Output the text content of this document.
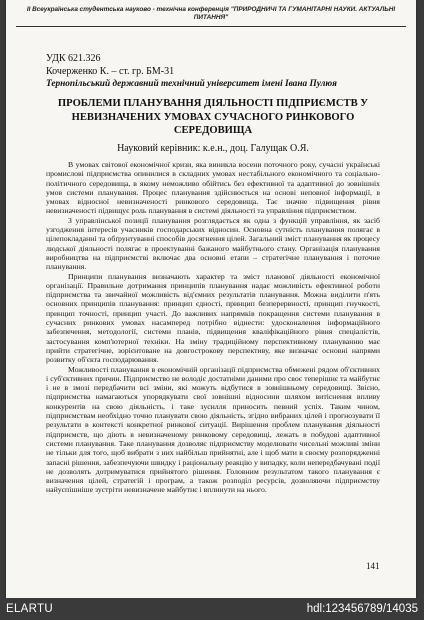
II Всеукраїнська студентська науково - технічна конференція "ПРИРОДНИЧІ ТА ГУМАНІТАРНІ НАУКИ. АКТУАЛЬНІ ПИТАННЯ"
УДК 621.326
Кочерженко К. – ст. гр. БМ-31
Тернопільський державний технічний університет імені Івана Пулюя
ПРОБЛЕМИ ПЛАНУВАННЯ ДІЯЛЬНОСТІ ПІДПРИЄМСТВ У НЕВИЗНАЧЕНИХ УМОВАХ СУЧАСНОГО РИНКОВОГО СЕРЕДОВИЩА
Науковий керівник: к.е.н., доц. Галущак О.Я.

В умовах світової економічної кризи, яка виникла восени поточного року, сучасні українські промислові підприємства опинилися в складних умовах нестабільного економічного та соціально-політичного середовища, в якому неможливо обійтись без ефективної та адаптивної до зовнішніх умов системи планування. Процес планування здійснюється на основі неповної інформації, в умовах відносної невизначеності ринкового середовища. Тає значне підвищення рівня невизначеності підвищує роль планування в системі діяльності та управління підприємством.

З управлінської позиції планування розглядається як одна з функцій управління, як засіб узгодження інтересів учасників господарських відносин. Основна сутність планування полягає в цілепокладанні та обґрунтуванні способів досягнення цілей. Загальний зміст планування як процесу людської діяльності полягає в проектуванні бажаного майбутнього стану. Організація планування виробництва на підприємстві включає два основні етапи – стратегічне планування і поточне планування.

Принципи планування визначають характер та зміст планової діяльності економічної організації. Правильне дотримання принципів планування надає можливість ефективної роботи підприємства та звичайної можливість від'ємних результатів планування. Можна виділити п'ять основних принципів планування: принцип єдності, принцип безперервності, принцип гнучкості, принцип точності, принцип участі. До важливих напрямків покращення системи планування в сучасних ринкових умовах насамперед потрібно віднести: удосконалення інформаційного забезпечення, методології, системи планів, підвищення кваліфікаційного рівня спеціалістів, застосування комп'ютерної техніки. На зміну традиційному перспективному плануванню має прийти стратегічне, зорієнтоване на довгострокову перспективу, яке визначає основні напрями розвитку об'єкта господарювання.

Можливості планування в економічній організації підприємства обмежені рядом об'єктивних і суб'єктивних причин. Підприємство не володіє достатніми даними про своє теперішнє та майбутнє і не в змозі передбачити всі зміни, які можуть відбутися в зовнішньому середовищі. Звісно, підприємства намагаються упорядкувати свої зовнішні відносини шляхом витіснення впливу конкурентів на свою діяльність, і таке зусилля приносить певний успіх. Таким чином, підприємствам необхідно точно планувати свою діяльність, згідно вибраних цілей і прогнозувати її результати в контексті конкретної ринкової ситуації. Вирішення проблем планування діяльності підприємств, що діють в невизначеному ринковому середовищі, лежать в побудові адаптивної системи планування. Таке планування дозволяє підприємству моделювати чисельні можливі зміни не тільки для того, щоб вибрати з них найбільш прийнятні, але і щоб мати в своєму розпорядженні запасні рішення, забезпечуючи швидку і раціональну реакцію у випадку, коли непередбачувані події не дозволять дотримуватися прийнятого рішення. Головним результатом такого планування є визначення цілей, стратегій і програм, а також розподіл ресурсів, дозволяючи підприємству найуспішніше зустріти невизначене майбутнє і вплинути на нього.

141
ELARTU	hdl:123456789/14035
